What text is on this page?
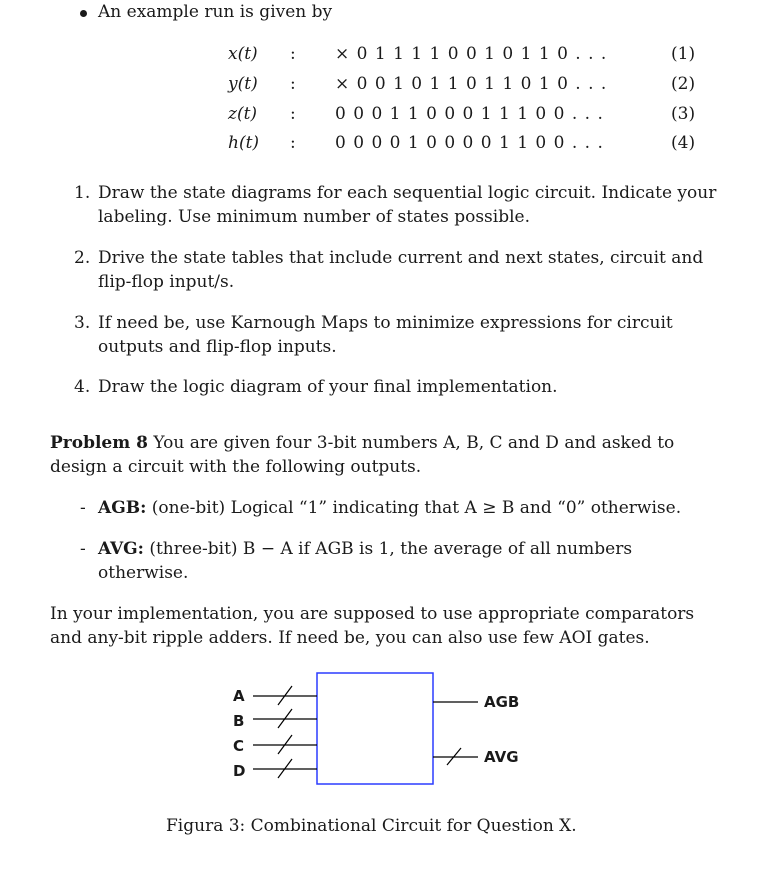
An example run is given by
x(t) : × 0 1 1 1 1 0 0 1 0 1 1 0 . . .	(1)
y(t) : × 0 0 1 0 1 1 0 1 1 0 1 0 . . .	(2)
z(t) : 0 0 0 1 1 0 0 0 1 1 1 0 0 . . .	(3)
h(t) : 0 0 0 0 1 0 0 0 0 1 1 0 0 . . .	(4)
1. Draw the state diagrams for each sequential logic circuit. Indicate your
labeling. Use minimum number of states possible.
2. Drive the state tables that include current and next states, circuit and
flip-flop input/s.
3. If need be, use Karnough Maps to minimize expressions for circuit
outputs and flip-flop inputs.
4. Draw the logic diagram of your final implementation.
Problem 8 You are given four 3-bit numbers A, B, C and D and asked to
design a circuit with the following outputs.
- AGB: (one-bit) Logical “1” indicating that A ≥ B and “0” otherwise.
- AVG: (three-bit) B − A if AGB is 1, the average of all numbers
otherwise.
In your implementation, you are supposed to use appropriate comparators
and any-bit ripple adders. If need be, you can also use few AOI gates.
A
B
C
D
AGB
AVG
Figura 3: Combinational Circuit for Question X.
